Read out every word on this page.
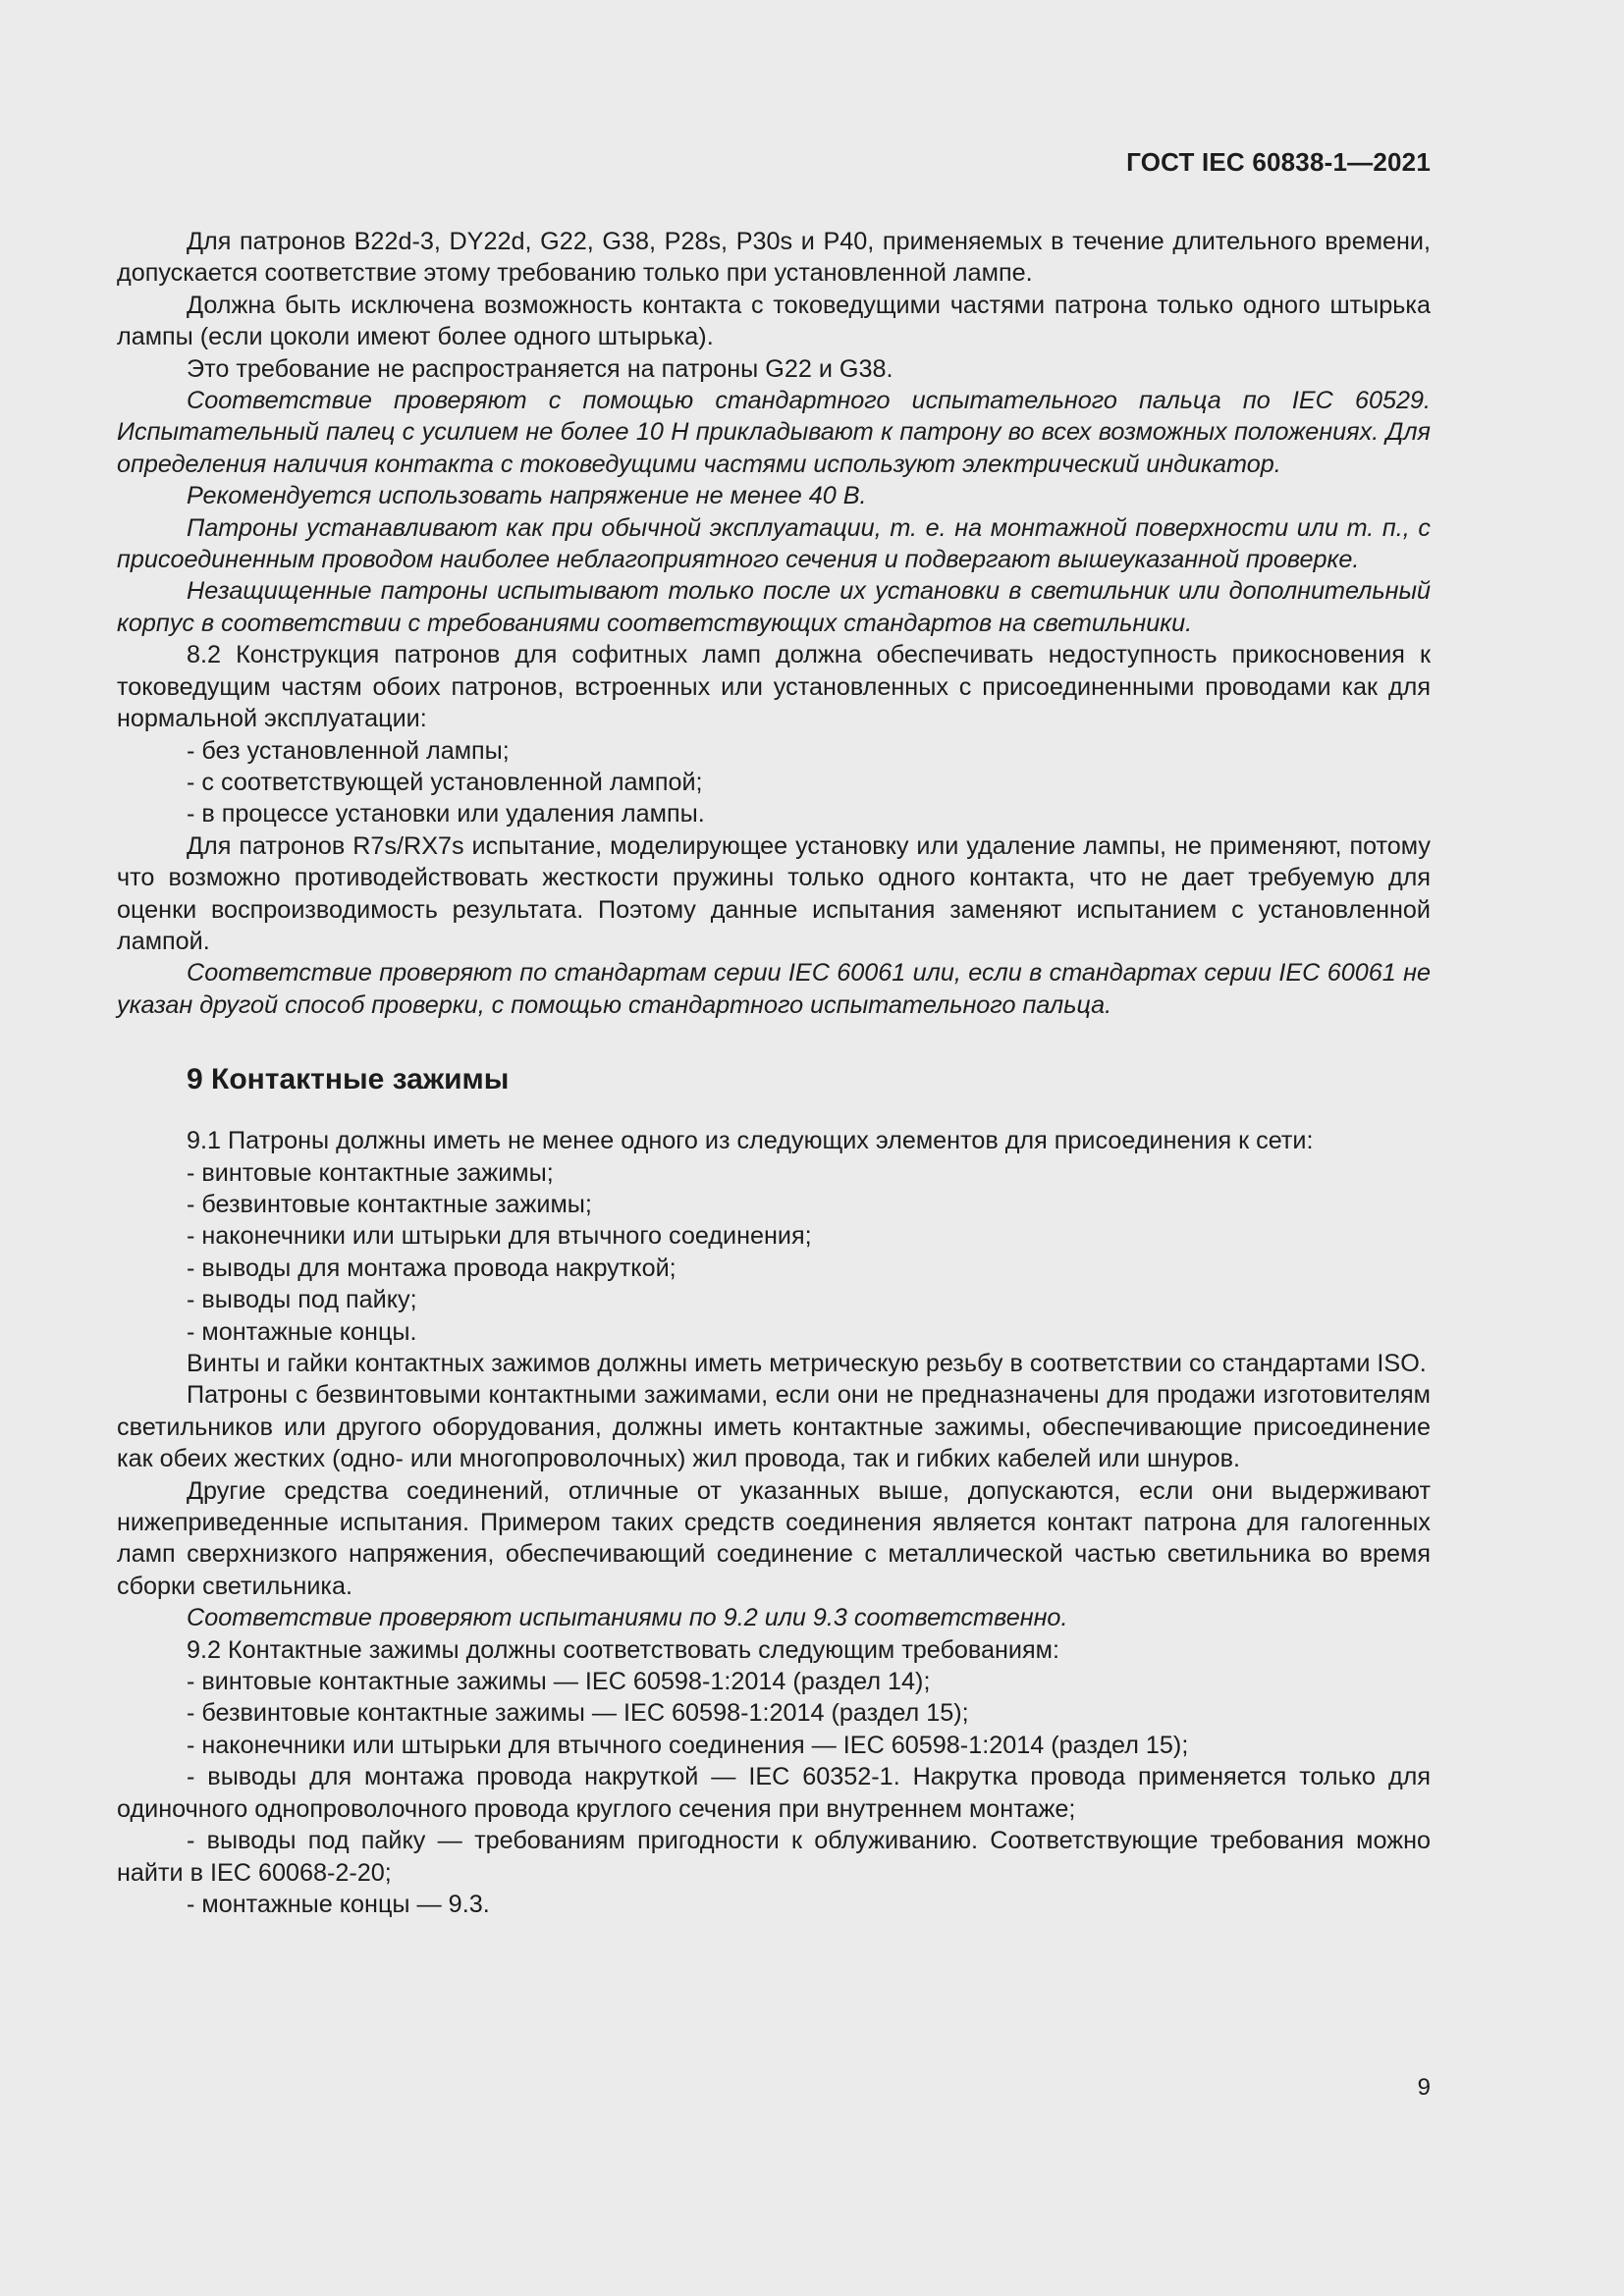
ГОСТ IEC 60838-1—2021

Для патронов B22d-3, DY22d, G22, G38, P28s, P30s и P40, применяемых в течение длительного времени, допускается соответствие этому требованию только при установленной лампе.

Должна быть исключена возможность контакта с токоведущими частями патрона только одного штырька лампы (если цоколи имеют более одного штырька).

Это требование не распространяется на патроны G22 и G38.

Соответствие проверяют с помощью стандартного испытательного пальца по IEC 60529. Испытательный палец с усилием не более 10 Н прикладывают к патрону во всех возможных положениях. Для определения наличия контакта с токоведущими частями используют электрический индикатор.

Рекомендуется использовать напряжение не менее 40 В.

Патроны устанавливают как при обычной эксплуатации, т. е. на монтажной поверхности или т. п., с присоединенным проводом наиболее неблагоприятного сечения и подвергают вышеуказанной проверке.

Незащищенные патроны испытывают только после их установки в светильник или дополнительный корпус в соответствии с требованиями соответствующих стандартов на светильники.

8.2 Конструкция патронов для софитных ламп должна обеспечивать недоступность прикосновения к токоведущим частям обоих патронов, встроенных или установленных с присоединенными проводами как для нормальной эксплуатации:

- без установленной лампы;

- с соответствующей установленной лампой;

- в процессе установки или удаления лампы.

Для патронов R7s/RX7s испытание, моделирующее установку или удаление лампы, не применяют, потому что возможно противодействовать жесткости пружины только одного контакта, что не дает требуемую для оценки воспроизводимость результата. Поэтому данные испытания заменяют испытанием с установленной лампой.

Соответствие проверяют по стандартам серии IEC 60061 или, если в стандартах серии IEC 60061 не указан другой способ проверки, с помощью стандартного испытательного пальца.

9 Контактные зажимы

9.1 Патроны должны иметь не менее одного из следующих элементов для присоединения к сети:

- винтовые контактные зажимы;

- безвинтовые контактные зажимы;

- наконечники или штырьки для втычного соединения;

- выводы для монтажа провода накруткой;

- выводы под пайку;

- монтажные концы.

Винты и гайки контактных зажимов должны иметь метрическую резьбу в соответствии со стандартами ISO.

Патроны с безвинтовыми контактными зажимами, если они не предназначены для продажи изготовителям светильников или другого оборудования, должны иметь контактные зажимы, обеспечивающие присоединение как обеих жестких (одно- или многопроволочных) жил провода, так и гибких кабелей или шнуров.

Другие средства соединений, отличные от указанных выше, допускаются, если они выдерживают нижеприведенные испытания. Примером таких средств соединения является контакт патрона для галогенных ламп сверхнизкого напряжения, обеспечивающий соединение с металлической частью светильника во время сборки светильника.

Соответствие проверяют испытаниями по 9.2 или 9.3 соответственно.

9.2 Контактные зажимы должны соответствовать следующим требованиям:

- винтовые контактные зажимы — IEC 60598-1:2014 (раздел 14);

- безвинтовые контактные зажимы — IEC 60598-1:2014 (раздел 15);

- наконечники или штырьки для втычного соединения — IEC 60598-1:2014 (раздел 15);

- выводы для монтажа провода накруткой — IEC 60352-1. Накрутка провода применяется только для одиночного однопроволочного провода круглого сечения при внутреннем монтаже;

- выводы под пайку — требованиям пригодности к облуживанию. Соответствующие требования можно найти в IEC 60068-2-20;

- монтажные концы — 9.3.

9
